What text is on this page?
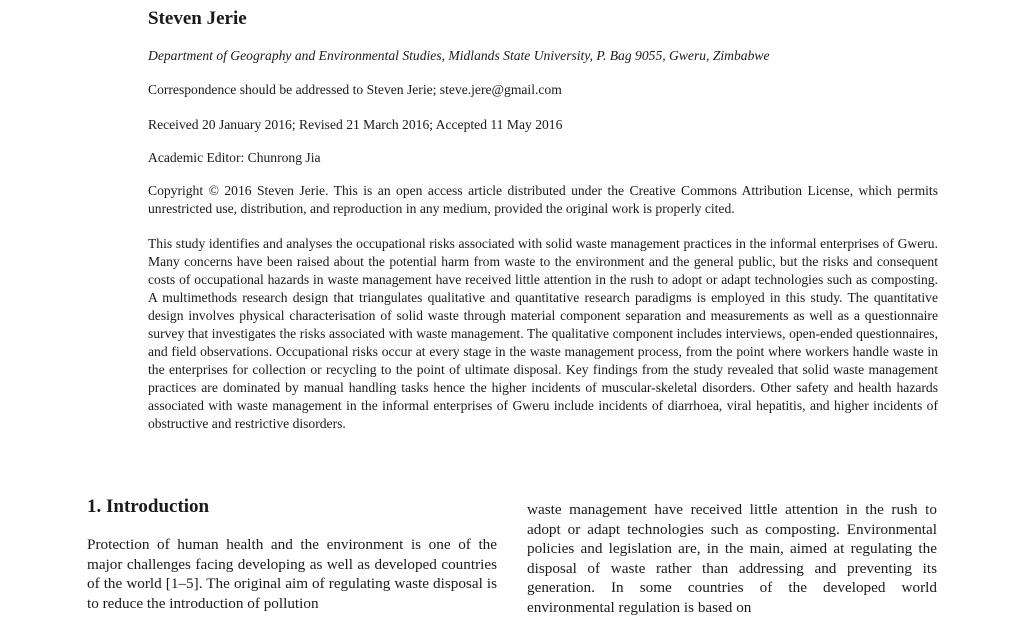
Steven Jerie

Department of Geography and Environmental Studies, Midlands State University, P. Bag 9055, Gweru, Zimbabwe

Correspondence should be addressed to Steven Jerie; steve.jere@gmail.com

Received 20 January 2016; Revised 21 March 2016; Accepted 11 May 2016

Academic Editor: Chunrong Jia

Copyright © 2016 Steven Jerie. This is an open access article distributed under the Creative Commons Attribution License, which permits unrestricted use, distribution, and reproduction in any medium, provided the original work is properly cited.

This study identifies and analyses the occupational risks associated with solid waste management practices in the informal enterprises of Gweru. Many concerns have been raised about the potential harm from waste to the environment and the general public, but the risks and consequent costs of occupational hazards in waste management have received little attention in the rush to adopt or adapt technologies such as composting. A multimethods research design that triangulates qualitative and quantitative research paradigms is employed in this study. The quantitative design involves physical characterisation of solid waste through material component separation and measurements as well as a questionnaire survey that investigates the risks associated with waste management. The qualitative component includes interviews, open-ended questionnaires, and field observations. Occupational risks occur at every stage in the waste management process, from the point where workers handle waste in the enterprises for collection or recycling to the point of ultimate disposal. Key findings from the study revealed that solid waste management practices are dominated by manual handling tasks hence the higher incidents of muscular-skeletal disorders. Other safety and health hazards associated with waste management in the informal enterprises of Gweru include incidents of diarrhoea, viral hepatitis, and higher incidents of obstructive and restrictive disorders.

1. Introduction

Protection of human health and the environment is one of the major challenges facing developing as well as developed countries of the world [1–5]. The original aim of regulating waste disposal is to reduce the introduction of pollution

waste management have received little attention in the rush to adopt or adapt technologies such as composting. Environmental policies and legislation are, in the main, aimed at regulating the disposal of waste rather than addressing and preventing its generation. In some countries of the developed world environmental regulation is based on
